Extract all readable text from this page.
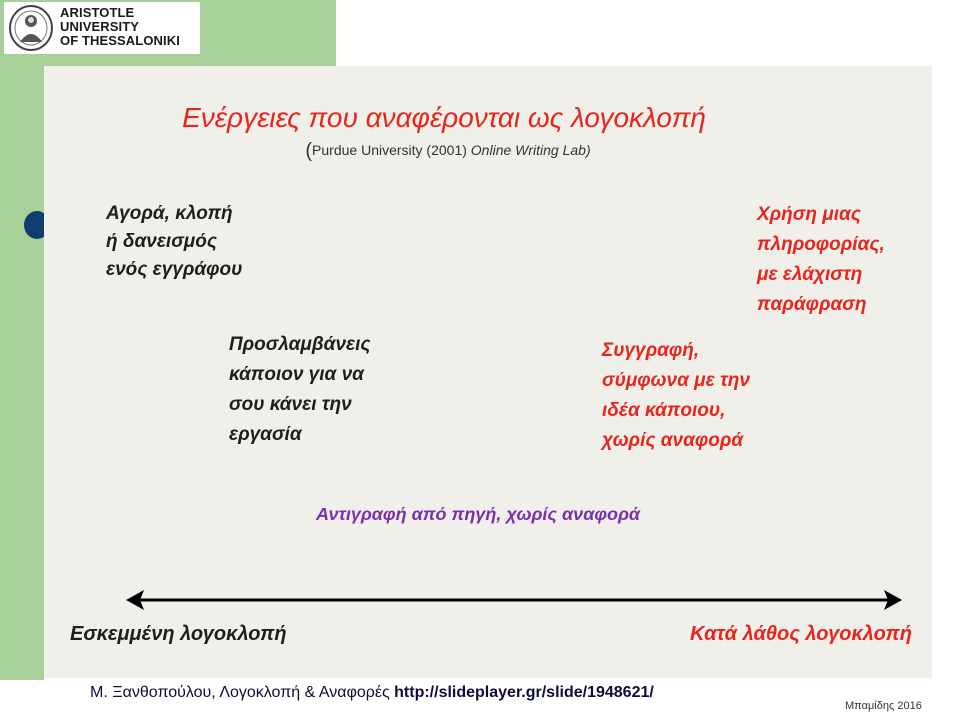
ARISTOTLE
UNIVERSITY
OF THESSALONIKI
Ενέργειες που αναφέρονται ως λογοκλοπή
(Purdue University (2001) Online Writing Lab)
Αγορά, κλοπή
ή δανεισμός
ενός εγγράφου
Χρήση μιας
πληροφορίας,
με ελάχιστη
παράφραση
Προσλαμβάνεις
κάποιον για να
σου κάνει την
εργασία
Συγγραφή,
σύμφωνα με την
ιδέα κάποιου,
χωρίς αναφορά
Αντιγραφή από πηγή, χωρίς αναφορά
Εσκεμμένη λογοκλοπή	Κατά λάθος λογοκλοπή
Μ. Ξανθοπούλου, Λογοκλοπή & Αναφορές http://slideplayer.gr/slide/1948621/
Μπαμίδης 2016
